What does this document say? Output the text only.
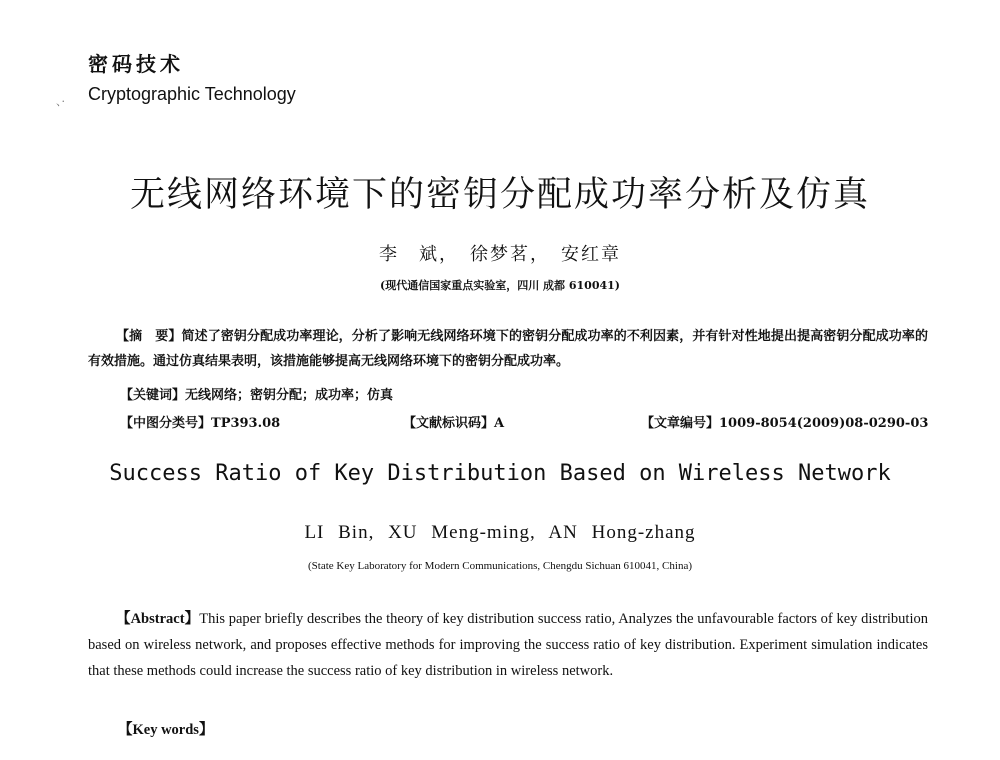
密码技术
Cryptographic Technology
、·
无线网络环境下的密钥分配成功率分析及仿真
李　斌，　徐梦茗，　安红章
(现代通信国家重点实验室，四川 成都 610041)
【摘　要】简述了密钥分配成功率理论，分析了影响无线网络环境下的密钥分配成功率的不利因素，并有针对性地提出提高密钥分配成功率的有效措施。通过仿真结果表明，该措施能够提高无线网络环境下的密钥分配成功率。
【关键词】无线网络；密钥分配；成功率；仿真
【中图分类号】TP393.08	【文献标识码】A	【文章编号】1009-8054(2009)08-0290-03
Success Ratio of Key Distribution Based on Wireless Network
LI Bin, XU Meng-ming, AN Hong-zhang
(State Key Laboratory for Modern Communications, Chengdu Sichuan 610041, China)
【Abstract】This paper briefly describes the theory of key distribution success ratio, Analyzes the unfavourable factors of key distribution based on wireless network, and proposes effective methods for improving the success ratio of key distribution. Experiment simulation indicates that these methods could increase the success ratio of key distribution in wireless network.
【Key words】
